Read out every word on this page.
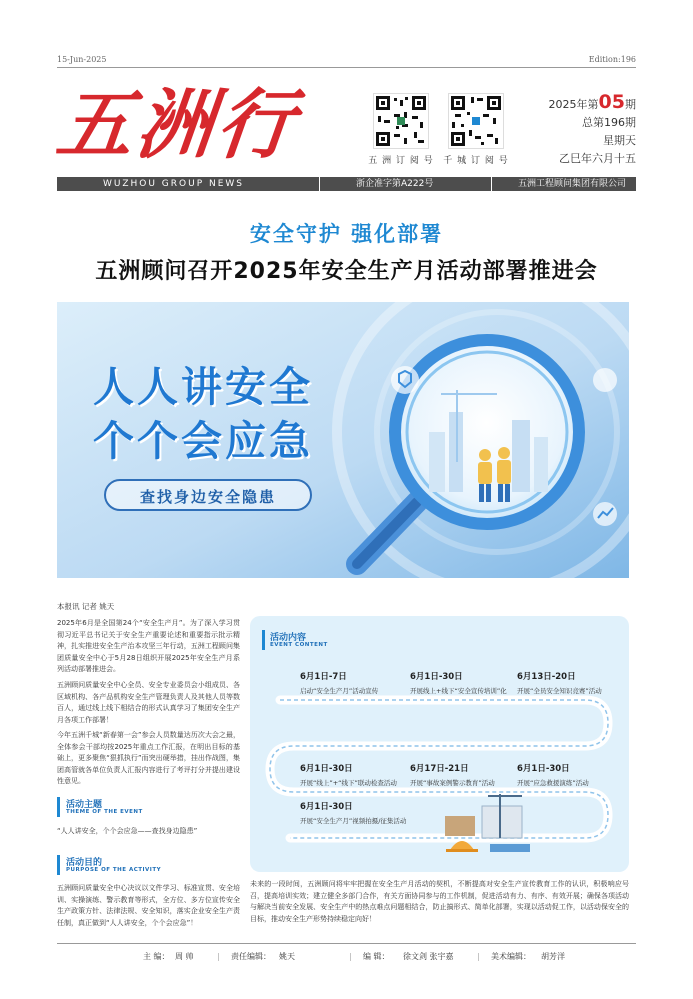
15-Jun-2025	Edition:196
五洲行	五 洲 订 阅 号 千 城 订 阅 号
2025年第05期
总第196期
星期天
乙巳年六月十五
WUZHOU GROUP NEWS	浙企准字第A222号	五洲工程顾问集团有限公司
安全守护 强化部署
五洲顾问召开2025年安全生产月活动部署推进会
人人讲安全
个个会应急
查找身边安全隐患
本报讯 记者 姚天
2025年6月是全国第24个“安全生产月”。为了深入学习贯彻习近平总书记关于安全生产重要论述和重要指示批示精神，扎实推进安全生产治本攻坚三年行动，五洲工程顾问集团质量安全中心于5月28日组织开展2025年安全生产月系列活动部署推进会。
五洲顾问质量安全中心全员、安全专业委员会小组成员、各区域机构、各产品机构安全生产管理负责人及其他人员等数百人，通过线上线下相结合的形式认真学习了集团安全生产月各项工作部署！
今年五洲千城“新春第一会”参会人员数量达历次大会之最，全体参会干部均按2025年重点工作汇报，在明出目标的基础上，更多聚焦“狠抓执行”而突出硬举措，挂出作战图，集团高管就各单位负责人汇报内容进行了考评打分并提出建设性意见。
活动主题
THEME OF THE EVENT
“人人讲安全，个个会应急——查找身边隐患”
活动目的
PURPOSE OF THE ACTIVITY
五洲顾问质量安全中心决议以文件学习、标准宣贯、安全培训、实操演练、警示教育等形式，全方位、多方位宣传安全生产政策方针、法律法规、安全知识，落实企业安全生产责任制，真正做到“人人讲安全，个个会应急”！
活动内容
EVENT CONTENT
6月1日-7日
启动“安全生产月”活动宣传
6月1日-30日
开展线上+线下“安全宣传培训”化
6月13日-20日
开展“全员安全知识竞赛”活动
6月1日-30日
开展“线上”+“线下”联动检查活动
6月17日-21日
开展“事故案例警示教育”活动
6月1日-30日
开展“应急救援演练”活动
6月1日-30日
开展“安全生产月”视频拍摄/征集活动
未来的一段时间，五洲顾问将牢牢把握在安全生产月活动的契机，不断提高对安全生产宣传教育工作的认识，积极响应号召，提高培训实效；建立健全多部门合作，有关方面协同参与的工作机制，促进活动有力、有序、有效开展；确保各项活动与解决当前安全发展、安全生产中的热点难点问题相结合，防止搞形式、简单化部署，实现以活动促工作，以活动保安全的目标，推动安全生产形势持续稳定向好！
主 编： 周 帅	| 责任编辑： 姚天	| 编 辑： 徐文剑 张宇嘉	| 美术编辑： 胡芳洋
